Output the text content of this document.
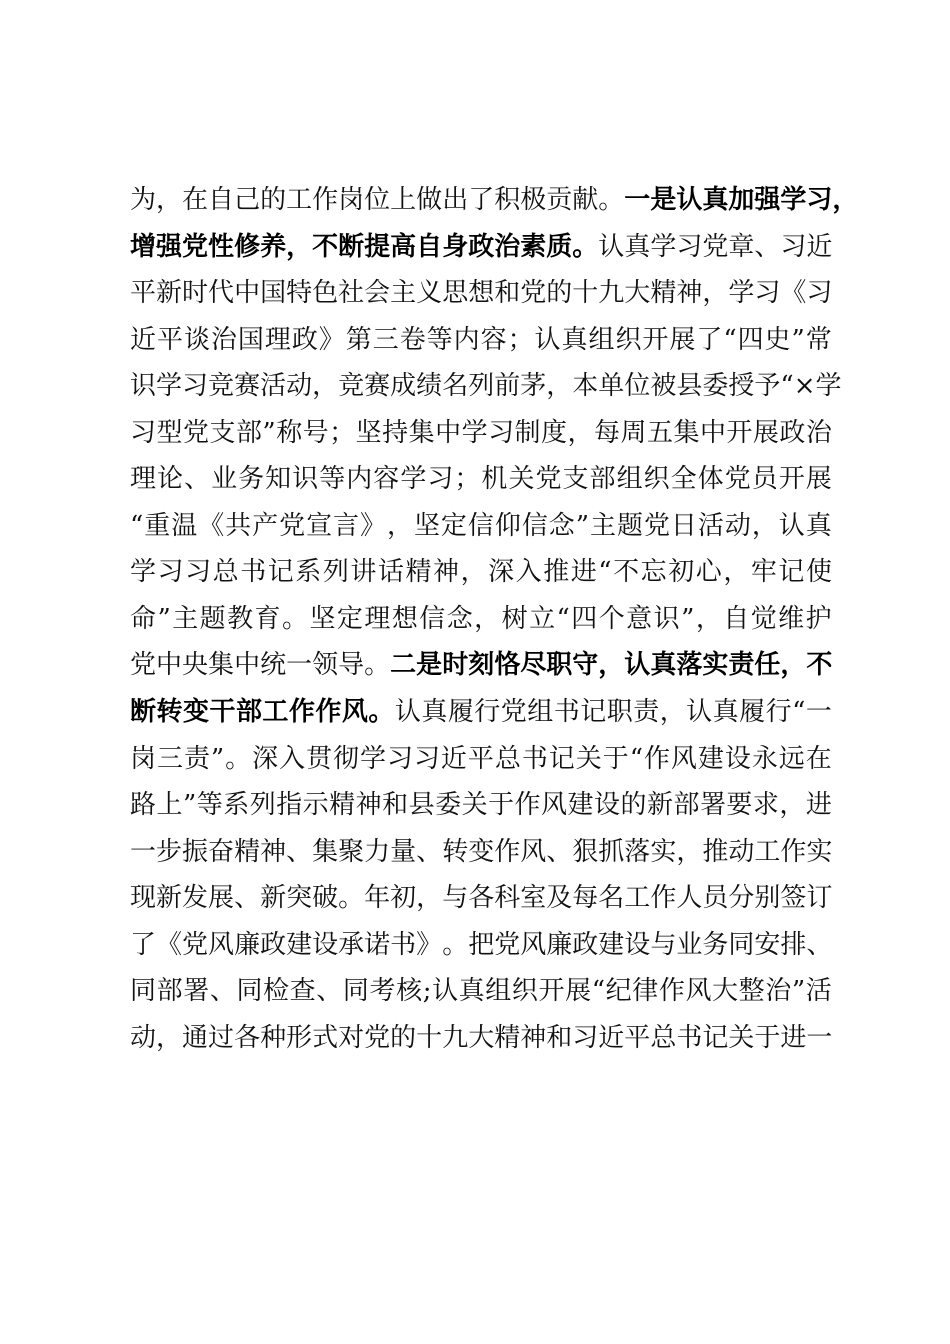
为 ， 在 自 己 的 工 作 岗 位 上 做 出 了 积 极 贡 献 。 一 是 认 真 加 强 学 习 ，
增 强 党 性 修 养 ， 不 断 提 高 自 身 政 治 素 质 。 认 真 学 习 党 章 、 习 近
平 新 时 代 中 国 特 色 社 会 主 义 思 想 和 党 的 十 九 大 精 神 ， 学 习 《 习
近 平 谈 治 国 理 政 》 第 三 卷 等 内 容 ； 认 真 组 织 开 展 了 “ 四 史 ” 常
识 学 习 竞 赛 活 动 ， 竞 赛 成 绩 名 列 前 茅 ， 本 单 位 被 县 委 授 予 “ × 学
习 型 党 支 部 ” 称 号 ； 坚 持 集 中 学 习 制 度 ， 每 周 五 集 中 开 展 政 治
理 论 、 业 务 知 识 等 内 容 学 习 ； 机 关 党 支 部 组 织 全 体 党 员 开 展
“ 重 温 《 共 产 党 宣 言 》 ， 坚 定 信 仰 信 念 ” 主 题 党 日 活 动 ， 认 真
学 习 习 总 书 记 系 列 讲 话 精 神 ， 深 入 推 进 “ 不 忘 初 心 ， 牢 记 使
命 ” 主 题 教 育 。 坚 定 理 想 信 念 ， 树 立 “ 四 个 意 识 ” ， 自 觉 维 护
党 中 央 集 中 统 一 领 导 。 二 是 时 刻 恪 尽 职 守 ， 认 真 落 实 责 任 ， 不
断 转 变 干 部 工 作 作 风 。 认 真 履 行 党 组 书 记 职 责 ， 认 真 履 行 “ 一
岗 三 责 ” 。 深 入 贯 彻 学 习 习 近 平 总 书 记 关 于 “ 作 风 建 设 永 远 在
路 上 ” 等 系 列 指 示 精 神 和 县 委 关 于 作 风 建 设 的 新 部 署 要 求 ， 进
一 步 振 奋 精 神 、 集 聚 力 量 、 转 变 作 风 、 狠 抓 落 实 ， 推 动 工 作 实
现 新 发 展 、 新 突 破 。 年 初 ， 与 各 科 室 及 每 名 工 作 人 员 分 别 签 订
了 《 党 风 廉 政 建 设 承 诺 书 》 。 把 党 风 廉 政 建 设 与 业 务 同 安 排 、
同 部 署 、 同 检 查 、 同 考 核 ; 认 真 组 织 开 展 “ 纪 律 作 风 大 整 治 ” 活
动 ， 通 过 各 种 形 式 对 党 的 十 九 大 精 神 和 习 近 平 总 书 记 关 于 进 一
